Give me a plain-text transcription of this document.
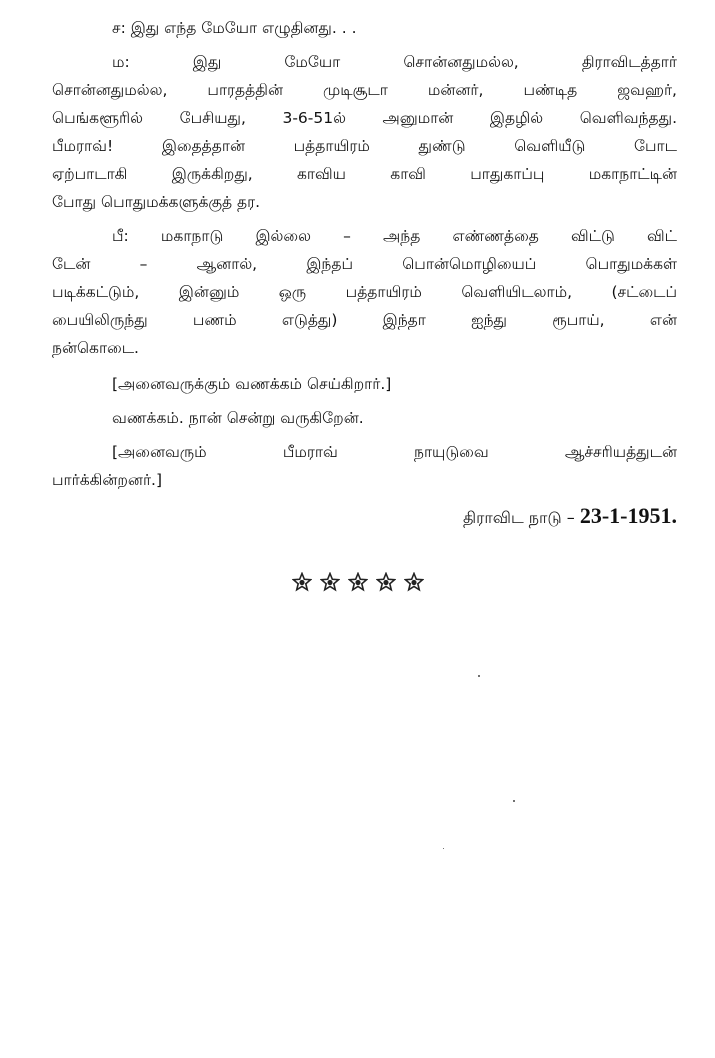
ச: இது எந்த மேயோ எழுதினது. . .
ம: இது மேயோ சொன்னதுமல்ல, திராவிடத்தார்
சொன்னதுமல்ல, பாரதத்தின் முடிசூடா மன்னர், பண்டித ஜவஹர்,
பெங்களூரில் பேசியது, 3-6-51ல் அனுமான் இதழில் வெளிவந்தது.
பீமராவ்! இதைத்தான் பத்தாயிரம் துண்டு வெளியீடு போட
ஏற்பாடாகி இருக்கிறது, காவிய காவி பாதுகாப்பு மகாநாட்டின்
போது பொதுமக்களுக்குத் தர.
பீ: மகாநாடு இல்லை – அந்த எண்ணத்தை விட்டு விட்
டேன் – ஆனால், இந்தப் பொன்மொழியைப் பொதுமக்கள்
படிக்கட்டும், இன்னும் ஒரு பத்தாயிரம் வெளியிடலாம், (சட்டைப்
பையிலிருந்து பணம் எடுத்து) இந்தா ஐந்து ரூபாய், என்
நன்கொடை.
[அனைவருக்கும் வணக்கம் செய்கிறார்.]
வணக்கம். நான் சென்று வருகிறேன்.
[அனைவரும் பீமராவ் நாயுடுவை ஆச்சரியத்துடன்
பார்க்கின்றனர்.]
திராவிட நாடு – 23-1-1951.
